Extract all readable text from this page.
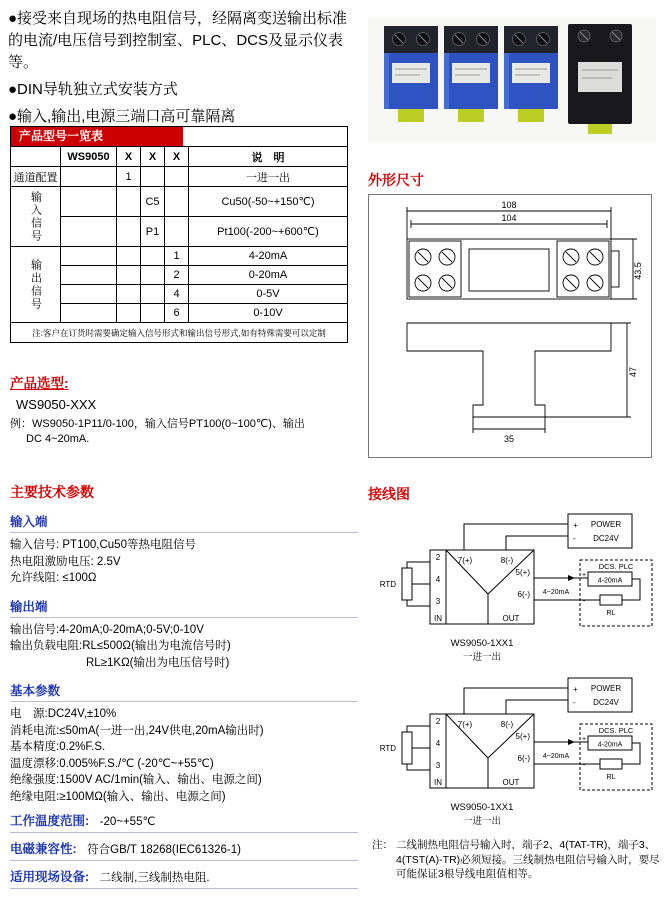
●接受来自现场的热电阻信号，经隔离变送输出标准的电流/电压信号到控制室、PLC、DCS及显示仪表等。
●DIN导轨独立式安装方式
●输入,输出,电源三端口高可靠隔离
产品型号一览表
	WS9050	X	X	X	说　明
通道配置		1			一进一出
输入信号			C5		Cu50(-50~+150℃)
			P1		Pt100(-200~+600℃)
输出信号				1	4-20mA
				2	0-20mA
				4	0-5V
				6	0-10V
注:客户在订货时需要确定输入信号形式和输出信号形式,如有特殊需要可以定制					
产品选型:
WS9050-XXX
例：WS9050-1P11/0-100，输入信号PT100(0~100℃)、输出
DC 4~20mA.
主要技术参数
输入端
输入信号: PT100,Cu50等热电阻信号
热电阻激励电压: 2.5V
允许线阻: ≤100Ω
输出端
输出信号:4-20mA;0-20mA;0-5V;0-10V
输出负载电阻:RL≤500Ω(输出为电流信号时)
RL≥1KΩ(输出为电压信号时)
基本参数
电　源:DC24V,±10%
消耗电流:≤50mA(一进一出,24V供电,20mA输出时)
基本精度:0.2%F.S.
温度漂移:0.005%F.S./℃ (-20℃~+55℃)
绝缘强度:1500V AC/1min(输入、输出、电源之间)
绝缘电阻:≥100MΩ(输入、输出、电源之间)
工作温度范围: -20~+55℃
电磁兼容性: 符合GB/T 18268(IEC61326-1)
适用现场设备: 二线制,三线制热电阻.
外形尺寸
108
104
43.5
47
35
接线图
RTD
2
4
3
IN	OUT
7(+)	8(-)
5(+)
6(-)
+
-
POWER
DC24V
DCS. PLC
4-20mA
+
-
RL
4~20mA
WS9050-1XX1
一进一出
RTD
2
4
3
IN	OUT
7(+)	8(-)
5(+)
6(-)
+
-
POWER
DC24V
DCS. PLC
4-20mA
+
-
RL
4~20mA
WS9050-1XX1
一进一出
注： 二线制热电阻信号输入时，端子2、4(TAT-TR)，端子3、4(TST(A)-TR)必须短接。三线制热电阻信号输入时，要尽可能保证3根导线电阻值相等。
